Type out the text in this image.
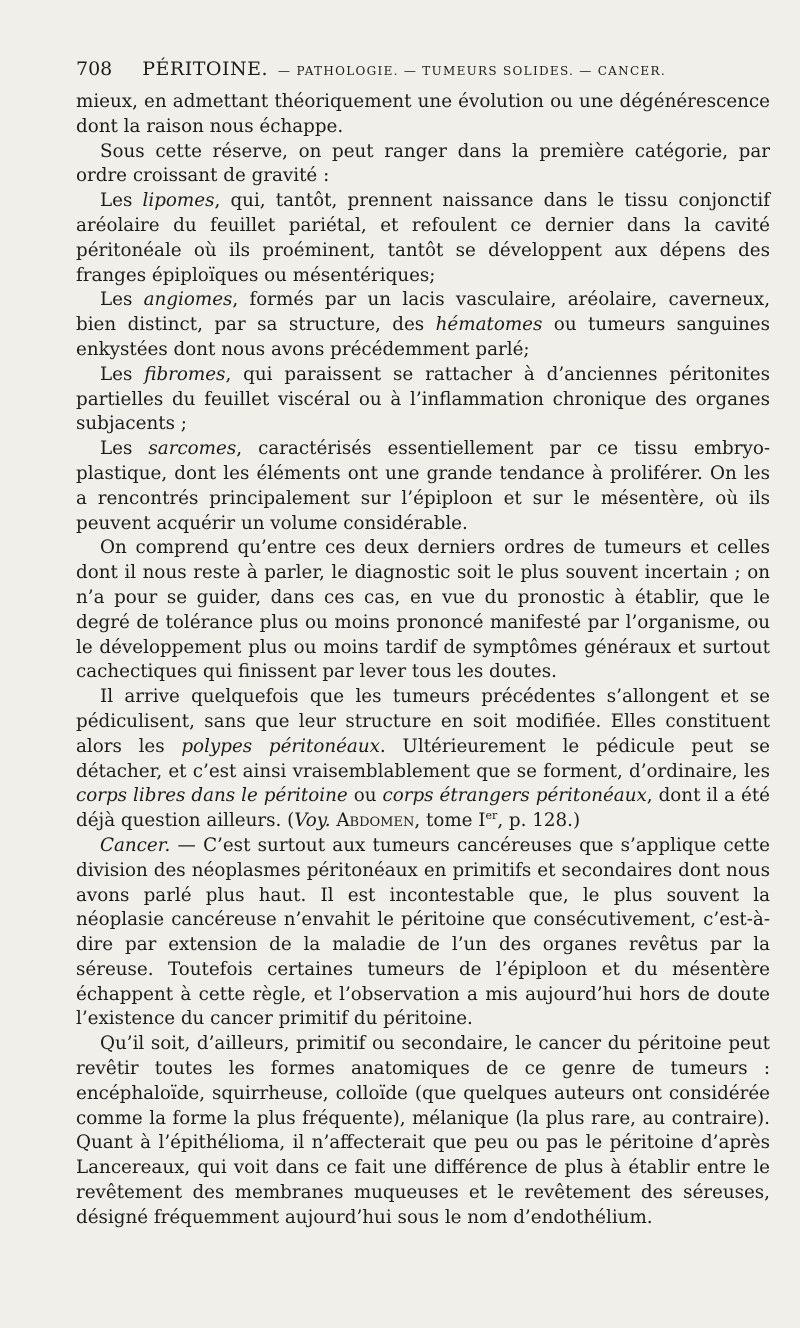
708 PÉRITOINE. — PATHOLOGIE. — TUMEURS SOLIDES. — CANCER.

mieux, en admettant théoriquement une évolution ou une dégénérescence dont la raison nous échappe.

Sous cette réserve, on peut ranger dans la première catégorie, par ordre croissant de gravité :

Les lipomes, qui, tantôt, prennent naissance dans le tissu conjonctif aréolaire du feuillet pariétal, et refoulent ce dernier dans la cavité péritonéale où ils proéminent, tantôt se développent aux dépens des franges épiploïques ou mésentériques;

Les angiomes, formés par un lacis vasculaire, aréolaire, caverneux, bien distinct, par sa structure, des hématomes ou tumeurs sanguines enkystées dont nous avons précédemment parlé;

Les fibromes, qui paraissent se rattacher à d’anciennes péritonites partielles du feuillet viscéral ou à l’inflammation chronique des organes subjacents ;

Les sarcomes, caractérisés essentiellement par ce tissu embryo-plastique, dont les éléments ont une grande tendance à proliférer. On les a rencontrés principalement sur l’épiploon et sur le mésentère, où ils peuvent acquérir un volume considérable.

On comprend qu’entre ces deux derniers ordres de tumeurs et celles dont il nous reste à parler, le diagnostic soit le plus souvent incertain ; on n’a pour se guider, dans ces cas, en vue du pronostic à établir, que le degré de tolérance plus ou moins prononcé manifesté par l’organisme, ou le développement plus ou moins tardif de symptômes généraux et surtout cachectiques qui finissent par lever tous les doutes.

Il arrive quelquefois que les tumeurs précédentes s’allongent et se pédiculisent, sans que leur structure en soit modifiée. Elles constituent alors les polypes péritonéaux. Ultérieurement le pédicule peut se détacher, et c’est ainsi vraisemblablement que se forment, d’ordinaire, les corps libres dans le péritoine ou corps étrangers péritonéaux, dont il a été déjà question ailleurs. (Voy. Abdomen, tome Ier, p. 128.)

Cancer. — C’est surtout aux tumeurs cancéreuses que s’applique cette division des néoplasmes péritonéaux en primitifs et secondaires dont nous avons parlé plus haut. Il est incontestable que, le plus souvent la néoplasie cancéreuse n’envahit le péritoine que consécutivement, c’est-à-dire par extension de la maladie de l’un des organes revêtus par la séreuse. Toutefois certaines tumeurs de l’épiploon et du mésentère échappent à cette règle, et l’observation a mis aujourd’hui hors de doute l’existence du cancer primitif du péritoine.

Qu’il soit, d’ailleurs, primitif ou secondaire, le cancer du péritoine peut revêtir toutes les formes anatomiques de ce genre de tumeurs : encéphaloïde, squirrheuse, colloïde (que quelques auteurs ont considérée comme la forme la plus fréquente), mélanique (la plus rare, au contraire). Quant à l’épithélioma, il n’affecterait que peu ou pas le péritoine d’après Lancereaux, qui voit dans ce fait une différence de plus à établir entre le revêtement des membranes muqueuses et le revêtement des séreuses, désigné fréquemment aujourd’hui sous le nom d’endothélium.
